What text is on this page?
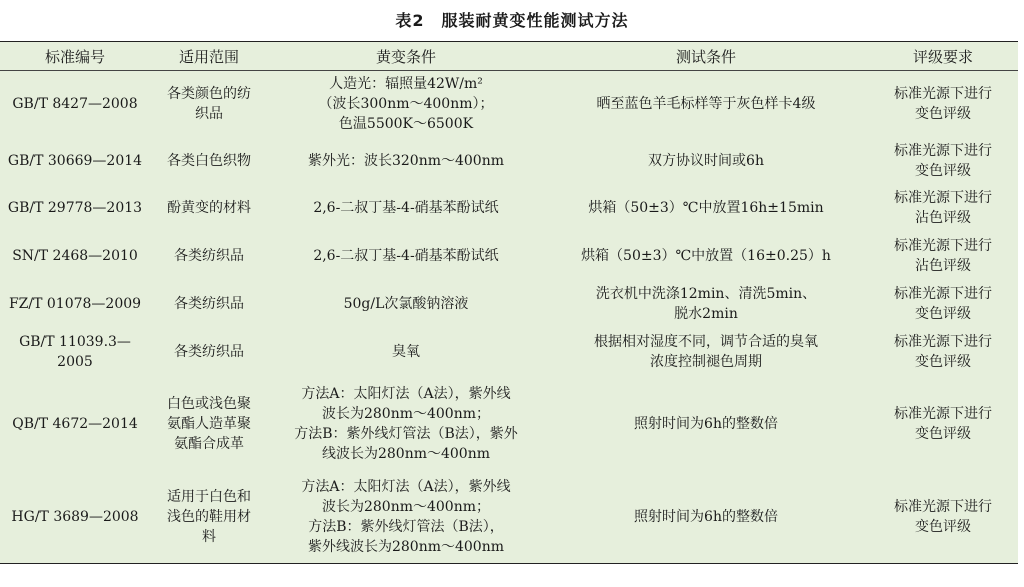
表2　服装耐黄变性能测试方法
标准编号	适用范围	黄变条件	测试条件	评级要求

GB/T 8427—2008	各类颜色的纺
织品	人造光：辐照量42W/m²
（波长300nm～400nm）；
色温5500K～6500K	晒至蓝色羊毛标样等于灰色样卡4级	标准光源下进行
变色评级

GB/T 30669—2014	各类白色织物	紫外光：波长320nm～400nm	双方协议时间或6h	标准光源下进行
变色评级

GB/T 29778—2013	酚黄变的材料	2,6-二叔丁基-4-硝基苯酚试纸	烘箱（50±3）℃中放置16h±15min	标准光源下进行
沾色评级

SN/T 2468—2010	各类纺织品	2,6-二叔丁基-4-硝基苯酚试纸	烘箱（50±3）℃中放置（16±0.25）h	标准光源下进行
沾色评级

FZ/T 01078—2009	各类纺织品	50g/L次氯酸钠溶液	洗衣机中洗涤12min、清洗5min、
脱水2min	标准光源下进行
变色评级

GB/T 11039.3—
2005	各类纺织品	臭氧	根据相对湿度不同，调节合适的臭氧
浓度控制褪色周期	标准光源下进行
变色评级

QB/T 4672—2014	白色或浅色聚
氨酯人造革聚
氨酯合成革	方法A：太阳灯法（A法），紫外线
波长为280nm～400nm；
方法B：紫外线灯管法（B法），紫外
线波长为280nm～400nm	照射时间为6h的整数倍	标准光源下进行
变色评级

HG/T 3689—2008	适用于白色和
浅色的鞋用材
料	方法A：太阳灯法（A法），紫外线
波长为280nm～400nm；
方法B：紫外线灯管法（B法），
紫外线波长为280nm～400nm	照射时间为6h的整数倍	标准光源下进行
变色评级
